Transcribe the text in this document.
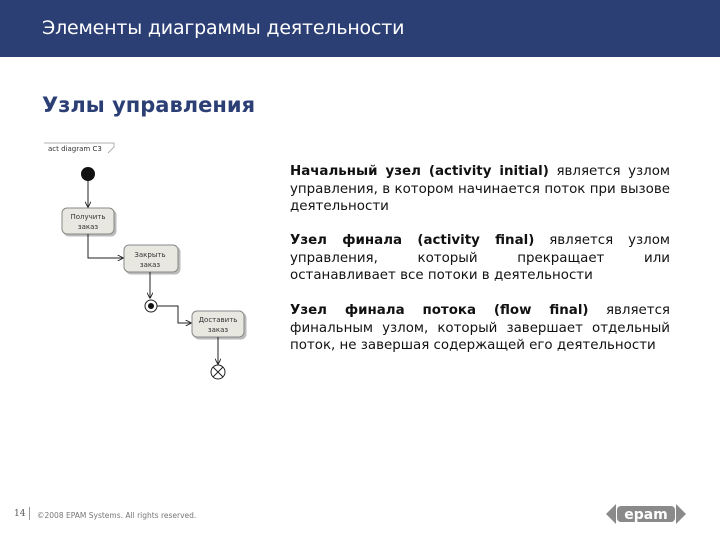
Элементы диаграммы деятельности
Узлы управления
act diagram C3
Получить
заказ
Закрыть
заказ
Доставить
заказ
Начальный узел (activity initial) является узлом управления, в котором начинается поток при вызове деятельности
Узел финала (activity final) является узлом управления, который прекращает или останавливает все потоки в деятельности
Узел финала потока (flow final) является финальным узлом, который завершает отдельный поток, не завершая содержащей его деятельности
14 ©2008 EPAM Systems. All rights reserved.	epam
